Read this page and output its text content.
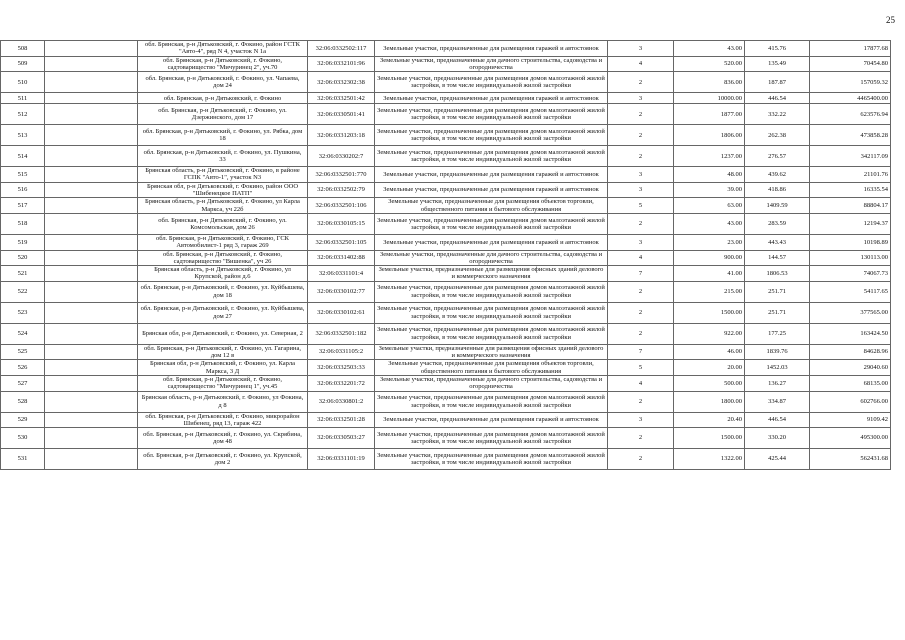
25
508		обл. Брянская, р-н Дятьковский, г. Фокино, район ГСТК "Авто-4", ряд N 4, участок N 1а	32:06:0332502:117	Земельные участки, предназначенные для размещения гаражей и автостоянок	3	43.00	415.76	17877.68
509		обл. Брянская, р-н Дятьковский, г. Фокино, садтоварищество "Мичуринец 2", уч.70	32:06:0332101:96	Земельные участки, предназначенные для дачного строительства, садоводства и огородничества	4	520.00	135.49	70454.80
510		обл. Брянская, р-н Дятьковский, г. Фокино, ул. Чапаева, дом 24	32:06:0332302:38	Земельные участки, предназначенные для размещения домов малоэтажной жилой застройки, в том числе индивидуальной жилой застройки	2	836.00	187.87	157059.32
511		обл. Брянская, р-н Дятьковский, г. Фокино	32:06:0332501:42	Земельные участки, предназначенные для размещения гаражей и автостоянок	3	10000.00	446.54	4465400.00
512		обл. Брянская, р-н Дятьковский, г. Фокино, ул. Дзержинского, дом 17	32:06:0330501:41	Земельные участки, предназначенные для размещения домов малоэтажной жилой застройки, в том числе индивидуальной жилой застройки	2	1877.00	332.22	623576.94
513		обл. Брянская, р-н Дятьковский, г. Фокино, ул. Рябка, дом 18	32:06:0331203:18	Земельные участки, предназначенные для размещения домов малоэтажной жилой застройки, в том числе индивидуальной жилой застройки	2	1806.00	262.38	473858.28
514		обл. Брянская, р-н Дятьковский, г. Фокино, ул. Пушкина, 33	32:06:0330202:7	Земельные участки, предназначенные для размещения домов малоэтажной жилой застройки, в том числе индивидуальной жилой застройки	2	1237.00	276.57	342117.09
515		Брянская область, р-н Дятьковский, г. Фокино, в районе ГСПК "Авто-1", участок N3	32:06:0332501:770	Земельные участки, предназначенные для размещения гаражей и автостоянок	3	48.00	439.62	21101.76
516		Брянская обл, р-н Дятьковский, г. Фокино, район ООО "Шибенецкое ПАТП"	32:06:0332502:79	Земельные участки, предназначенные для размещения гаражей и автостоянок	3	39.00	418.86	16335.54
517		Брянская область, р-н Дятьковский, г. Фокино, ул Карла Маркса, уч 22б	32:06:0332501:106	Земельные участки, предназначенные для размещения объектов торговли, общественного питания и бытового обслуживания	5	63.00	1409.59	88804.17
518		обл. Брянская, р-н Дятьковский, г. Фокино, ул. Комсомольская, дом 26	32:06:0330105:15	Земельные участки, предназначенные для размещения домов малоэтажной жилой застройки, в том числе индивидуальной жилой застройки	2	43.00	283.59	12194.37
519		обл. Брянская, р-н Дятьковский, г. Фокино, ГСК Автомобилист-1 ряд 3, гараж 269	32:06:0332501:105	Земельные участки, предназначенные для размещения гаражей и автостоянок	3	23.00	443.43	10198.89
520		обл. Брянская, р-н Дятьковский, г. Фокино, садтоварищество "Вишенка", уч 26	32:06:0331402:88	Земельные участки, предназначенные для дачного строительства, садоводства и огородничества	4	900.00	144.57	130113.00
521		Брянская область, р-н Дятьковский, г. Фокино, ул Крупской, район д.6	32:06:0331101:4	Земельные участки, предназначенные для размещения офисных зданий делового и коммерческого назначения	7	41.00	1806.53	74067.73
522		обл. Брянская, р-н Дятьковский, г. Фокино, ул. Куйбышева, дом 18	32:06:0330102:77	Земельные участки, предназначенные для размещения домов малоэтажной жилой застройки, в том числе индивидуальной жилой застройки	2	215.00	251.71	54117.65
523		обл. Брянская, р-н Дятьковский, г. Фокино, ул. Куйбышева, дом 27	32:06:0330102:61	Земельные участки, предназначенные для размещения домов малоэтажной жилой застройки, в том числе индивидуальной жилой застройки	2	1500.00	251.71	377565.00
524		Брянская обл, р-н Дятьковский, г. Фокино, ул. Северная, 2	32:06:0332501:182	Земельные участки, предназначенные для размещения домов малоэтажной жилой застройки, в том числе индивидуальной жилой застройки	2	922.00	177.25	163424.50
525		обл. Брянская, р-н Дятьковский, г. Фокино, ул. Гагарина, дом 12 в	32:06:0331105:2	Земельные участки, предназначенные для размещения офисных зданий делового и коммерческого назначения	7	46.00	1839.76	84628.96
526		Брянская обл, р-н Дятьковский, г. Фокино, ул. Карла Маркса, 3 Д	32:06:0332503:33	Земельные участки, предназначенные для размещения объектов торговли, общественного питания и бытового обслуживания	5	20.00	1452.03	29040.60
527		обл. Брянская, р-н Дятьковский, г. Фокино, садтоварищество "Мичуринец 1", уч.45	32:06:0332201:72	Земельные участки, предназначенные для дачного строительства, садоводства и огородничества	4	500.00	136.27	68135.00
528		Брянская область, р-н Дятьковский, г. Фокино, ул Фокина, д 8	32:06:0330801:2	Земельные участки, предназначенные для размещения домов малоэтажной жилой застройки, в том числе индивидуальной жилой застройки	2	1800.00	334.87	602766.00
529		обл. Брянская, р-н Дятьковский, г. Фокино, микрорайон Шибенец, ряд 13, гараж 422	32:06:0332501:28	Земельные участки, предназначенные для размещения гаражей и автостоянок	3	20.40	446.54	9109.42
530		обл. Брянская, р-н Дятьковский, г. Фокино, ул. Скрябина, дом 48	32:06:0330503:27	Земельные участки, предназначенные для размещения домов малоэтажной жилой застройки, в том числе индивидуальной жилой застройки	2	1500.00	330.20	495300.00
531		обл. Брянская, р-н Дятьковский, г. Фокино, ул. Крупской, дом 2	32:06:0331101:19	Земельные участки, предназначенные для размещения домов малоэтажной жилой застройки, в том числе индивидуальной жилой застройки	2	1322.00	425.44	562431.68
